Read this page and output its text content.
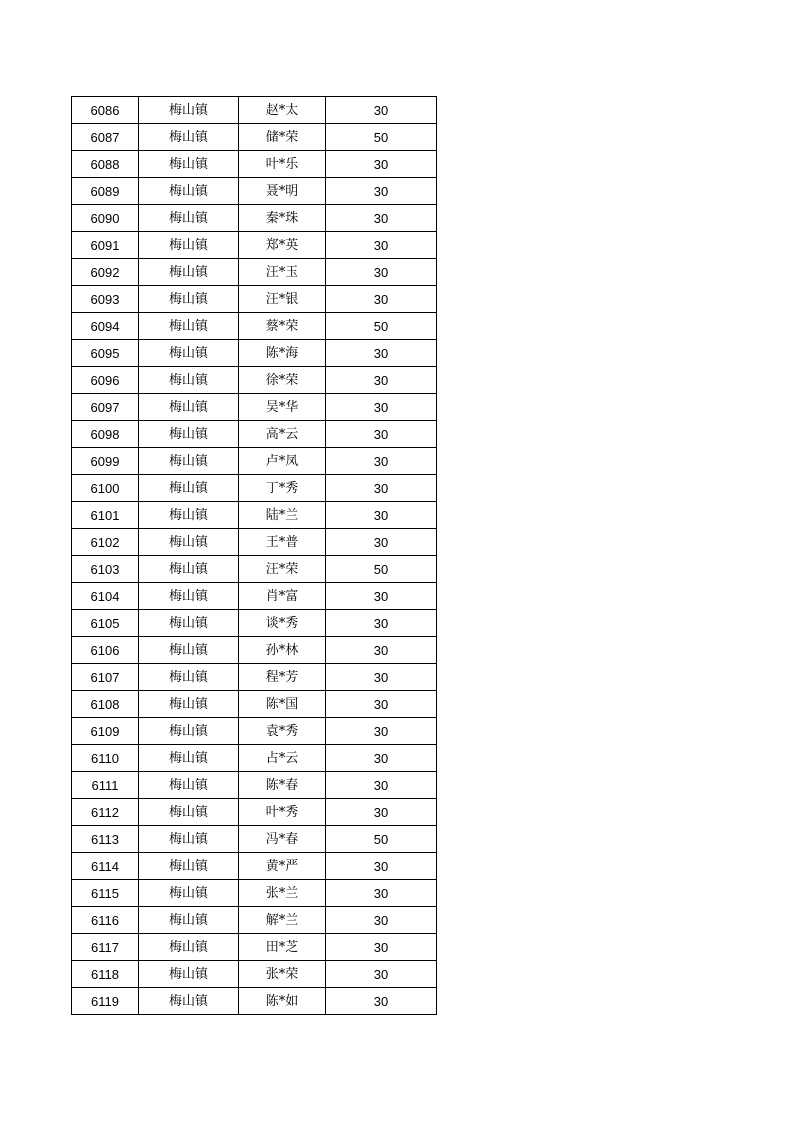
6086	梅山镇	赵*太	30
6087	梅山镇	储*荣	50
6088	梅山镇	叶*乐	30
6089	梅山镇	聂*明	30
6090	梅山镇	秦*珠	30
6091	梅山镇	郑*英	30
6092	梅山镇	汪*玉	30
6093	梅山镇	汪*银	30
6094	梅山镇	蔡*荣	50
6095	梅山镇	陈*海	30
6096	梅山镇	徐*荣	30
6097	梅山镇	吴*华	30
6098	梅山镇	高*云	30
6099	梅山镇	卢*凤	30
6100	梅山镇	丁*秀	30
6101	梅山镇	陆*兰	30
6102	梅山镇	王*普	30
6103	梅山镇	汪*荣	50
6104	梅山镇	肖*富	30
6105	梅山镇	谈*秀	30
6106	梅山镇	孙*林	30
6107	梅山镇	程*芳	30
6108	梅山镇	陈*国	30
6109	梅山镇	袁*秀	30
6110	梅山镇	占*云	30
6111	梅山镇	陈*春	30
6112	梅山镇	叶*秀	30
6113	梅山镇	冯*春	50
6114	梅山镇	黄*严	30
6115	梅山镇	张*兰	30
6116	梅山镇	解*兰	30
6117	梅山镇	田*芝	30
6118	梅山镇	张*荣	30
6119	梅山镇	陈*如	30
